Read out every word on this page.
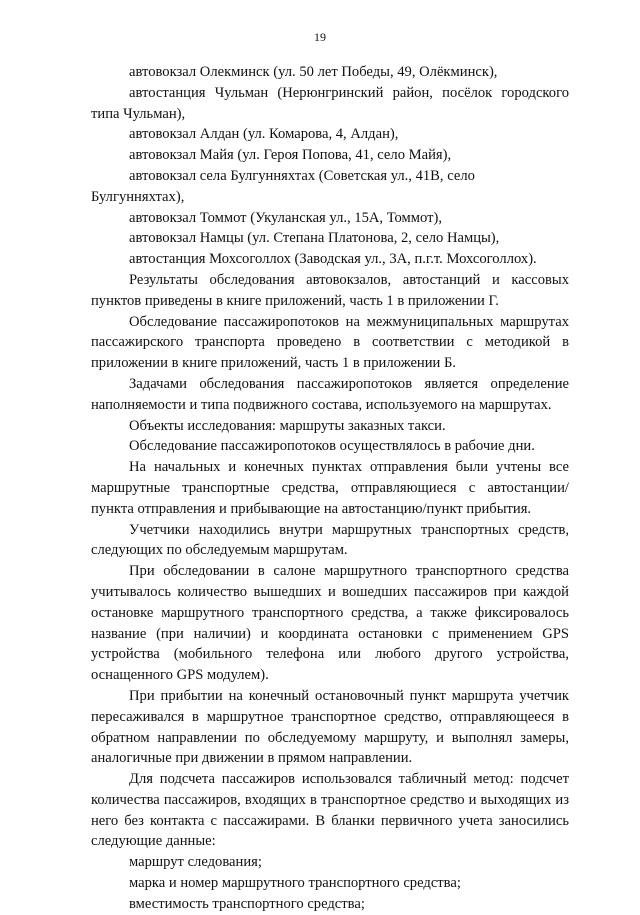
19

автовокзал Олекминск (ул. 50 лет Победы, 49, Олёкминск),

автостанция Чульман (Нерюнгринский район, посёлок городского типа Чульман),

автовокзал Алдан (ул. Комарова, 4, Алдан),

автовокзал Майя (ул. Героя Попова, 41, село Майя),

автовокзал села Булгунняхтах (Советская ул., 41В, село Булгунняхтах),

автовокзал Томмот (Укуланская ул., 15А, Томмот),

автовокзал Намцы (ул. Степана Платонова, 2, село Намцы),

автостанция Мохсоголлох (Заводская ул., 3А, п.г.т. Мохсоголлох).

Результаты обследования автовокзалов, автостанций и кассовых пунктов приведены в книге приложений, часть 1 в приложении Г.

Обследование пассажиропотоков на межмуниципальных маршрутах пассажирского транспорта проведено в соответствии с методикой в приложении в книге приложений, часть 1 в приложении Б.

Задачами обследования пассажиропотоков является определение наполняемости и типа подвижного состава, используемого на маршрутах.

Объекты исследования: маршруты заказных такси.

Обследование пассажиропотоков осуществлялось в рабочие дни.

На начальных и конечных пунктах отправления были учтены все маршрутные транспортные средства, отправляющиеся с автостанции/пункта отправления и прибывающие на автостанцию/пункт прибытия.

Учетчики находились внутри маршрутных транспортных средств, следующих по обследуемым маршрутам.

При обследовании в салоне маршрутного транспортного средства учитывалось количество вышедших и вошедших пассажиров при каждой остановке маршрутного транспортного средства, а также фиксировалось название (при наличии) и координата остановки с применением GPS устройства (мобильного телефона или любого другого устройства, оснащенного GPS модулем).

При прибытии на конечный остановочный пункт маршрута учетчик пересаживался в маршрутное транспортное средство, отправляющееся в обратном направлении по обследуемому маршруту, и выполнял замеры, аналогичные при движении в прямом направлении.

Для подсчета пассажиров использовался табличный метод: подсчет количества пассажиров, входящих в транспортное средство и выходящих из него без контакта с пассажирами. В бланки первичного учета заносились следующие данные:

маршрут следования;

марка и номер маршрутного транспортного средства;

вместимость транспортного средства;
